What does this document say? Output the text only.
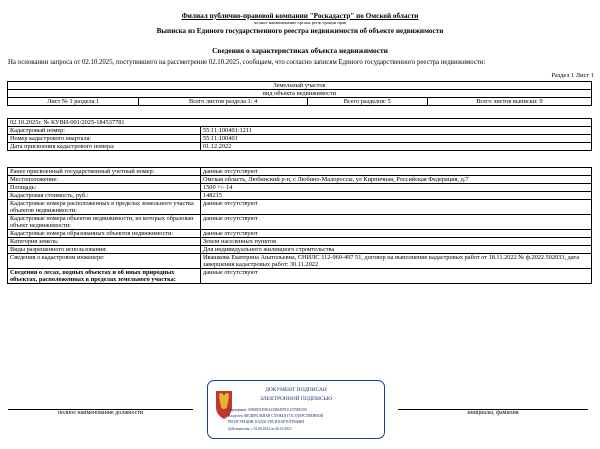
Филиал публично-правовой компании "Роскадастр" по Омской области
полное наименование органа регистрации прав
Выписка из Единого государственного реестра недвижимости об объекте недвижимости
Сведения о характеристиках объекта недвижимости
На основании запроса от 02.10.2025, поступившего на рассмотрение 02.10.2025, сообщаем, что согласно записям Единого государственного реестра недвижимости:
Раздел 1 Лист 1
Земельный участок
вид объекта недвижимости
Лист № 1 раздела 1	Всего листов раздела 1: 4	Всего разделов: 5	Всего листов выписки: 9
02.10.2025г. № КУВИ-001/2025-184537781	
Кадастровый номер:	55:11:100401:1211
Номер кадастрового квартала:	55:11:100401
Дата присвоения кадастрового номера:	01.12.2022
Ранее присвоенный государственный учетный номер:	данные отсутствуют
Местоположение:	Омская область, Любинский р-н, с Любино-Малороссы, ул Кирпичная, Российская Федерация, д.7
Площадь:	1500 +/- 14
Кадастровая стоимость, руб.:	148215
Кадастровые номера расположенных в пределах земельного участка объектов недвижимости:	данные отсутствуют
Кадастровые номера объектов недвижимости, из которых образован объект недвижимости:	данные отсутствуют
Кадастровые номера образованных объектов недвижимости:	данные отсутствуют
Категория земель:	Земли населенных пунктов
Виды разрешенного использования:	Для индивидуального жилищного строительства
Сведения о кадастровом инженере:	Ивашкова Екатерина Анатольевна, СНИЛС 112-960-497 51, договор на выполнение кадастровых работ от 18.11.2022 № ф.2022.502033, дата завершения кадастровых работ: 30.11.2022
Сведения о лесах, водных объектах и об иных природных объектах, расположенных в пределах земельного участка:	данные отсутствуют
полное наименование должности	инициалы, фамилия
ДОКУМЕНТ ПОДПИСАН
ЭЛЕКТРОННОЙ ПОДПИСЬЮ
Сертификат: 00830DCE9E4433684978112379EE390
Владелец: ФЕДЕРАЛЬНАЯ СЛУЖБА ГОСУДАРСТВЕННОЙ
РЕГИСТРАЦИИ, КАДАСТРА И КАРТОГРАФИИ
Действителен: с 02.08.2024 по 26.10.2025
